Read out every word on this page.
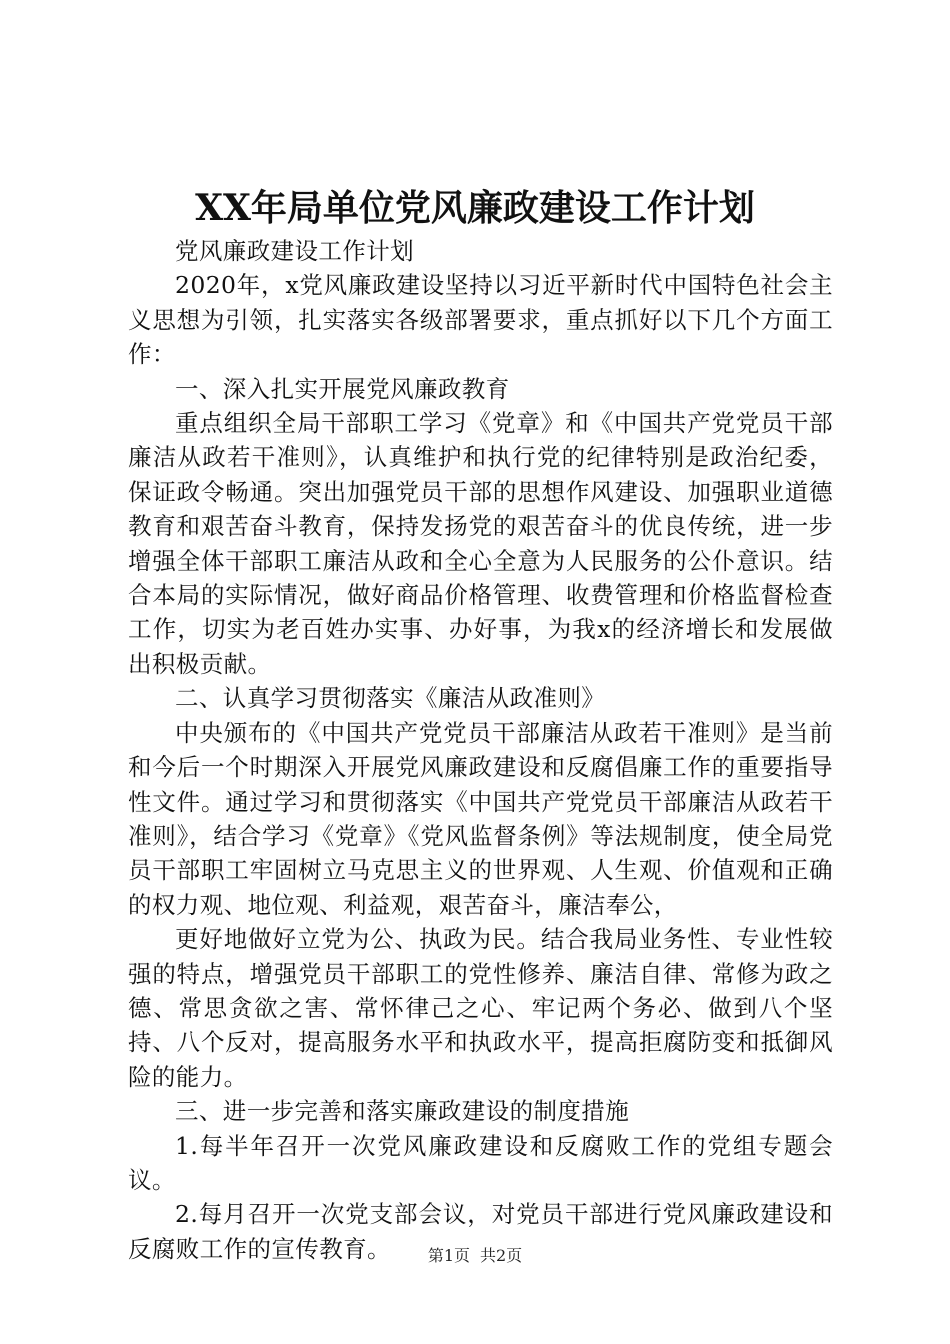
XX年局单位党风廉政建设工作计划

党风廉政建设工作计划

2020年，x党风廉政建设坚持以习近平新时代中国特色社会主义思想为引领，扎实落实各级部署要求，重点抓好以下几个方面工作：

一、深入扎实开展党风廉政教育

重点组织全局干部职工学习《党章》和《中国共产党党员干部廉洁从政若干准则》，认真维护和执行党的纪律特别是政治纪委，保证政令畅通。突出加强党员干部的思想作风建设、加强职业道德教育和艰苦奋斗教育，保持发扬党的艰苦奋斗的优良传统，进一步增强全体干部职工廉洁从政和全心全意为人民服务的公仆意识。结合本局的实际情况，做好商品价格管理、收费管理和价格监督检查工作，切实为老百姓办实事、办好事，为我x的经济增长和发展做出积极贡献。

二、认真学习贯彻落实《廉洁从政准则》

中央颁布的《中国共产党党员干部廉洁从政若干准则》是当前和今后一个时期深入开展党风廉政建设和反腐倡廉工作的重要指导性文件。通过学习和贯彻落实《中国共产党党员干部廉洁从政若干准则》，结合学习《党章》《党风监督条例》等法规制度，使全局党员干部职工牢固树立马克思主义的世界观、人生观、价值观和正确的权力观、地位观、利益观，艰苦奋斗，廉洁奉公，

更好地做好立党为公、执政为民。结合我局业务性、专业性较强的特点，增强党员干部职工的党性修养、廉洁自律、常修为政之德、常思贪欲之害、常怀律己之心、牢记两个务必、做到八个坚持、八个反对，提高服务水平和执政水平，提高拒腐防变和抵御风险的能力。

三、进一步完善和落实廉政建设的制度措施

1.每半年召开一次党风廉政建设和反腐败工作的党组专题会议。

2.每月召开一次党支部会议，对党员干部进行党风廉政建设和反腐败工作的宣传教育。	第1页 共2页
